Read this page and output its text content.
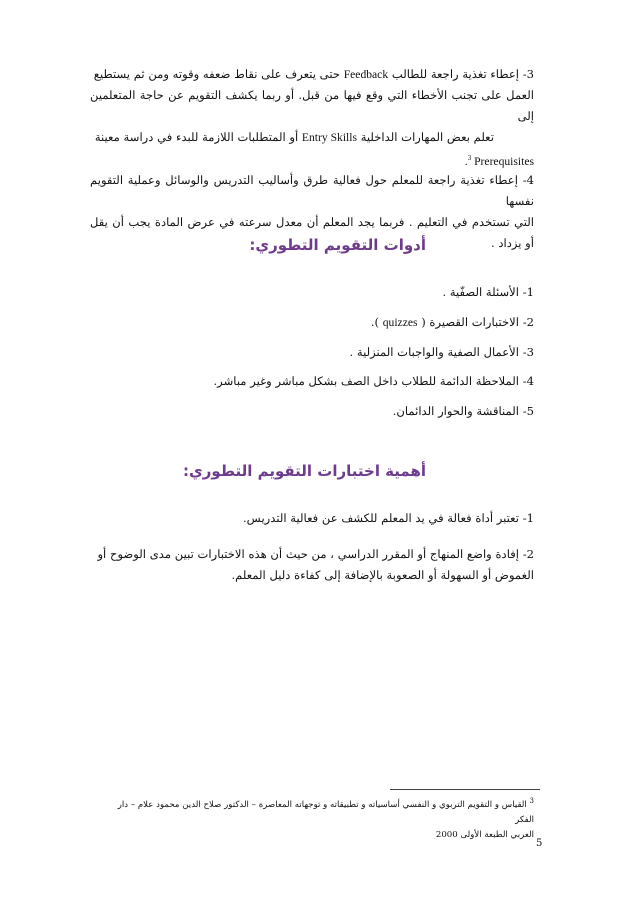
3- إعطاء تغذية راجعة للطالب Feedback حتى يتعرف على نقاط ضعفه وقوته ومن ثم يستطيع
العمل على تجنب الأخطاء التي وقع فيها من قبل. أو ربما يكشف التقويم عن حاجة المتعلمين إلى
تعلم بعض المهارات الداخلية Entry Skills أو المتطلبات اللازمة للبدء في دراسة معينة
.$^3$ Prerequisites
4- إعطاء تغذية راجعة للمعلم حول فعالية طرق وأساليب التدريس والوسائل وعملية التقويم نفسها
التي تستخدم في التعليم . فربما يجد المعلم أن معدل سرعته في عرض المادة يجب أن يقل أو يزداد .
أدوات التقويم التطوري:
1- الأسئلة الصفّية .
2- الاختبارات القصيرة ( quizzes ).
3- الأعمال الصفية والواجبات المنزلية .
4- الملاحظة الدائمة للطلاب داخل الصف بشكل مباشر وغير مباشر.
5- المناقشة والحوار الدائمان.
أهمية اختبارات التقويم التطوري:
1- تعتبر أداة فعالة في يد المعلم للكشف عن فعالية التدريس.
2- إفادة واضع المنهاج أو المقرر الدراسي ، من حيث أن هذه الاختبارات تبين مدى الوضوح أو
الغموض أو السهولة أو الصعوبة بالإضافة إلى كفاءة دليل المعلم.
$^3$ القياس و التقويم التربوي و النفسي أساسياته و تطبيقاته و توجهاته المعاصرة – الدكتور صلاح الدين محمود علام – دار الفكر
العربي الطبعة الأولى 2000
5
